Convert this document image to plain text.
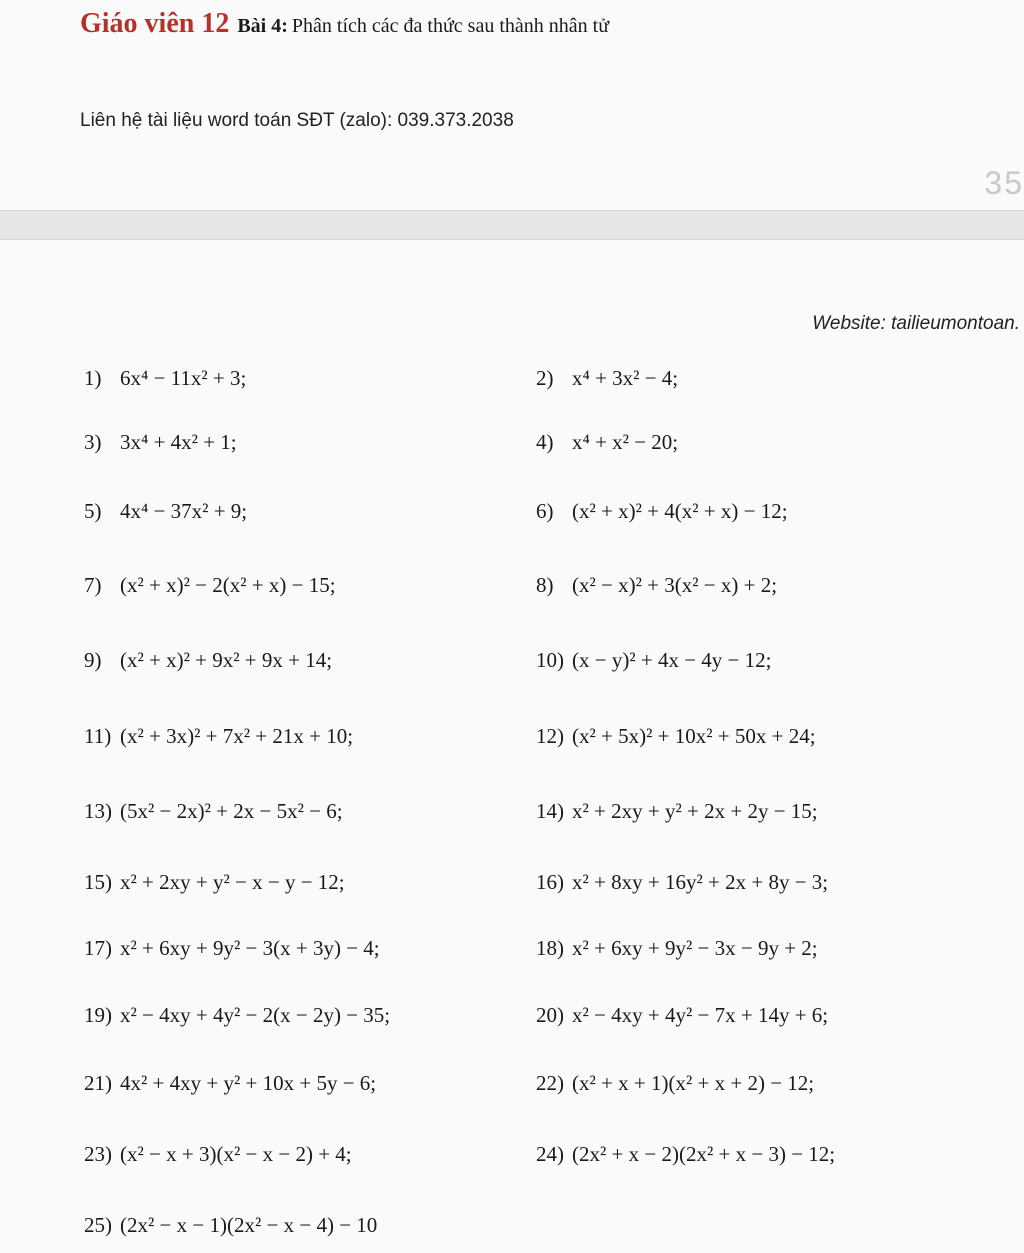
Giáo viên 12 Bài 4: Phân tích các đa thức sau thành nhân tử
Liên hệ tài liệu word toán SĐT (zalo): 039.373.2038
35
Website: tailieumontoan.
1) 6x⁴ − 11x² + 3;	2) x⁴ + 3x² − 4;
3) 3x⁴ + 4x² + 1;	4) x⁴ + x² − 20;
5) 4x⁴ − 37x² + 9;	6) (x² + x)² + 4(x² + x) − 12;
7) (x² + x)² − 2(x² + x) − 15;	8) (x² − x)² + 3(x² − x) + 2;
9) (x² + x)² + 9x² + 9x + 14;	10) (x − y)² + 4x − 4y − 12;
11) (x² + 3x)² + 7x² + 21x + 10;	12) (x² + 5x)² + 10x² + 50x + 24;
13) (5x² − 2x)² + 2x − 5x² − 6;	14) x² + 2xy + y² + 2x + 2y − 15;
15) x² + 2xy + y² − x − y − 12;	16) x² + 8xy + 16y² + 2x + 8y − 3;
17) x² + 6xy + 9y² − 3(x + 3y) − 4;	18) x² + 6xy + 9y² − 3x − 9y + 2;
19) x² − 4xy + 4y² − 2(x − 2y) − 35;	20) x² − 4xy + 4y² − 7x + 14y + 6;
21) 4x² + 4xy + y² + 10x + 5y − 6;	22) (x² + x + 1)(x² + x + 2) − 12;
23) (x² − x + 3)(x² − x − 2) + 4;	24) (2x² + x − 2)(2x² + x − 3) − 12;
25) (2x² − x − 1)(2x² − x − 4) − 10
